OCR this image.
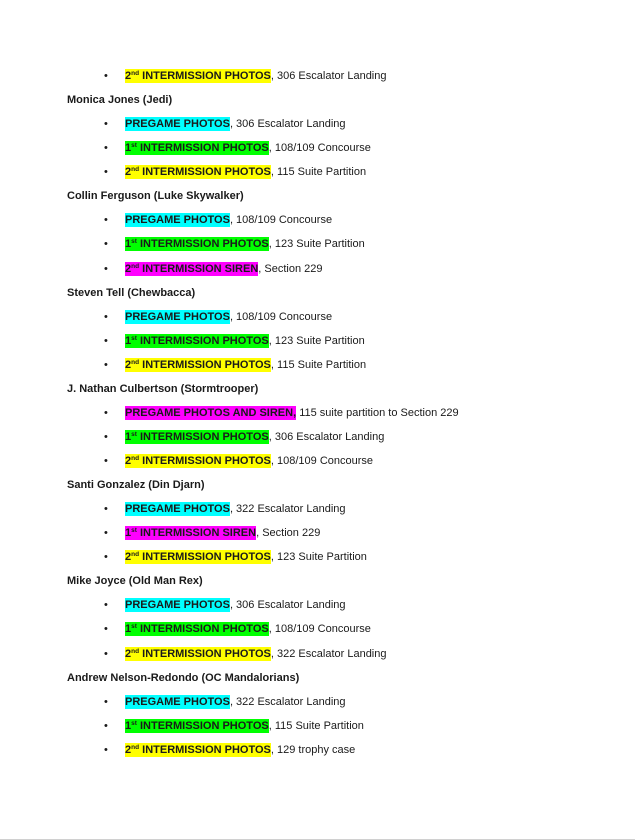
• 2nd INTERMISSION PHOTOS, 306 Escalator Landing
Monica Jones (Jedi)
• PREGAME PHOTOS, 306 Escalator Landing
• 1st INTERMISSION PHOTOS, 108/109 Concourse
• 2nd INTERMISSION PHOTOS, 115 Suite Partition
Collin Ferguson (Luke Skywalker)
• PREGAME PHOTOS, 108/109 Concourse
• 1st INTERMISSION PHOTOS, 123 Suite Partition
• 2nd INTERMISSION SIREN, Section 229
Steven Tell (Chewbacca)
• PREGAME PHOTOS, 108/109 Concourse
• 1st INTERMISSION PHOTOS, 123 Suite Partition
• 2nd INTERMISSION PHOTOS, 115 Suite Partition
J. Nathan Culbertson (Stormtrooper)
• PREGAME PHOTOS AND SIREN, 115 suite partition to Section 229
• 1st INTERMISSION PHOTOS, 306 Escalator Landing
• 2nd INTERMISSION PHOTOS, 108/109 Concourse
Santi Gonzalez (Din Djarn)
• PREGAME PHOTOS, 322 Escalator Landing
• 1st INTERMISSION SIREN, Section 229
• 2nd INTERMISSION PHOTOS, 123 Suite Partition
Mike Joyce (Old Man Rex)
• PREGAME PHOTOS, 306 Escalator Landing
• 1st INTERMISSION PHOTOS, 108/109 Concourse
• 2nd INTERMISSION PHOTOS, 322 Escalator Landing
Andrew Nelson-Redondo (OC Mandalorians)
• PREGAME PHOTOS, 322 Escalator Landing
• 1st INTERMISSION PHOTOS, 115 Suite Partition
• 2nd INTERMISSION PHOTOS, 129 trophy case
